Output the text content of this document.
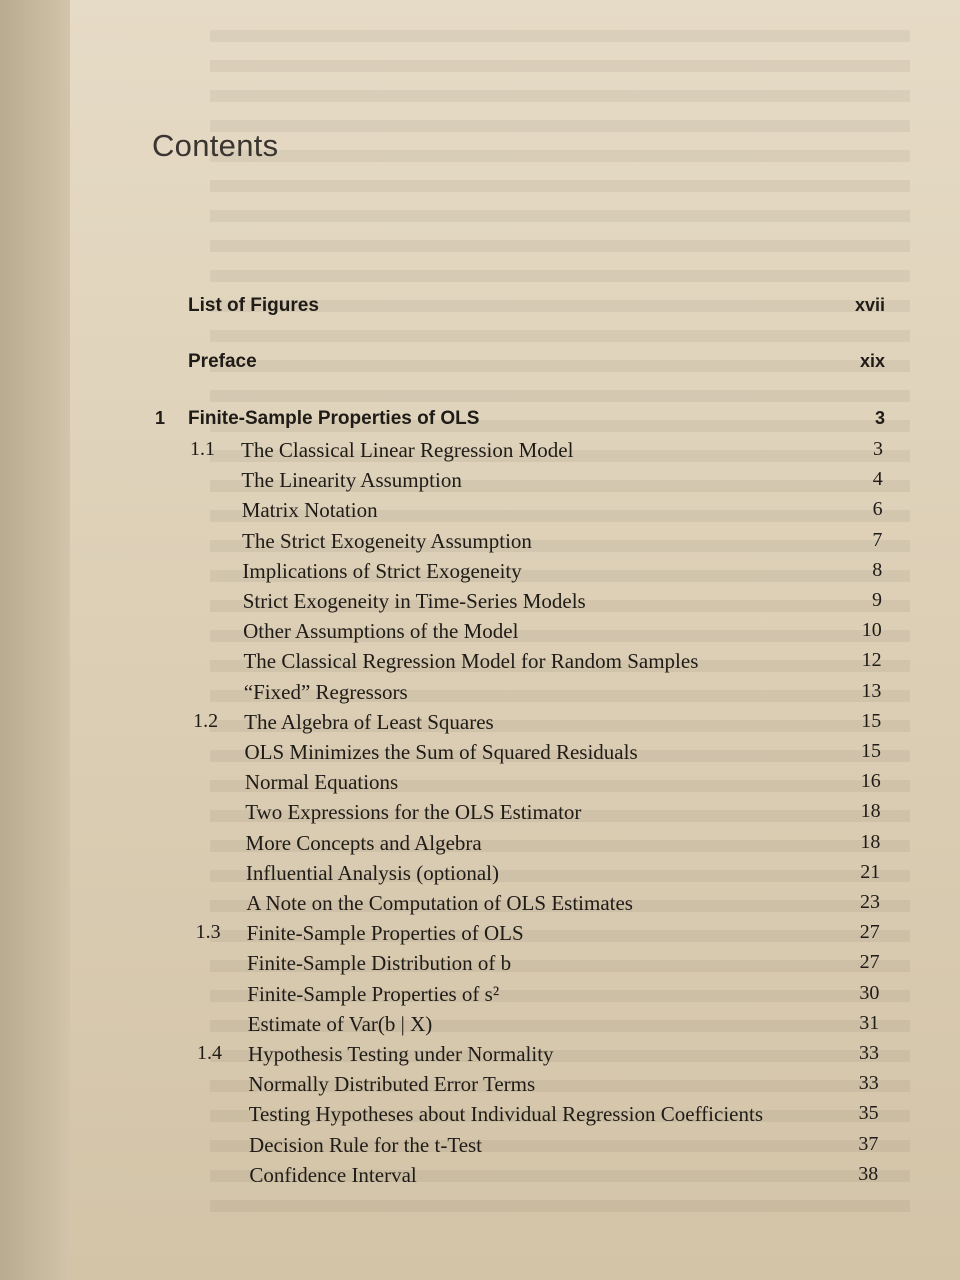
Contents
List of Figures	xvii
Preface	xix
1 Finite-Sample Properties of OLS	3
1.1 The Classical Linear Regression Model	3
The Linearity Assumption	4
Matrix Notation	6
The Strict Exogeneity Assumption	7
Implications of Strict Exogeneity	8
Strict Exogeneity in Time-Series Models	9
Other Assumptions of the Model	10
The Classical Regression Model for Random Samples	12
“Fixed” Regressors	13
1.2 The Algebra of Least Squares	15
OLS Minimizes the Sum of Squared Residuals	15
Normal Equations	16
Two Expressions for the OLS Estimator	18
More Concepts and Algebra	18
Influential Analysis (optional)	21
A Note on the Computation of OLS Estimates	23
1.3 Finite-Sample Properties of OLS	27
Finite-Sample Distribution of b	27
Finite-Sample Properties of s²	30
Estimate of Var(b | X)	31
1.4 Hypothesis Testing under Normality	33
Normally Distributed Error Terms	33
Testing Hypotheses about Individual Regression Coefficients	35
Decision Rule for the t-Test	37
Confidence Interval	38
